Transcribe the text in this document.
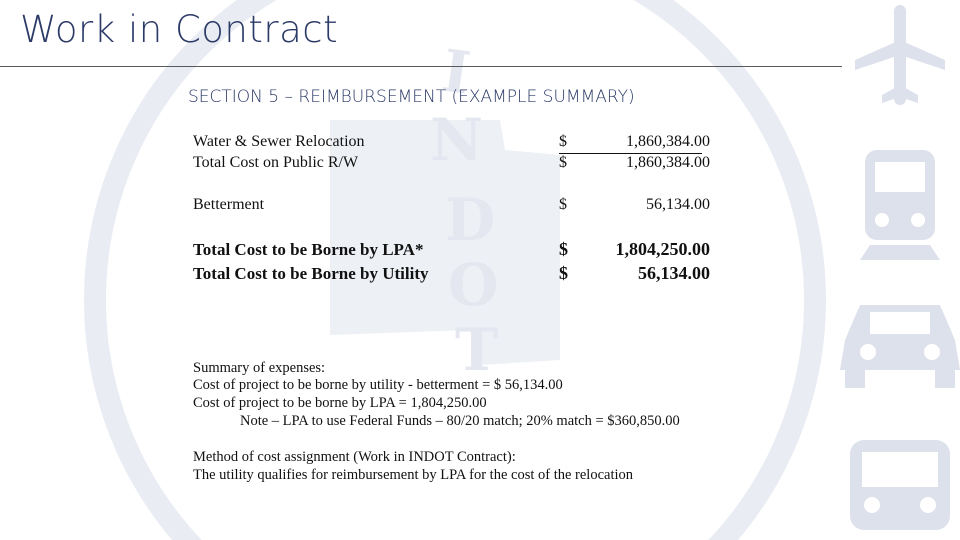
I
N
D
O
T
Work in Contract
SECTION 5 – REIMBURSEMENT (EXAMPLE SUMMARY)
Water & Sewer Relocation	$	1,860,384.00
Total Cost on Public R/W	$	1,860,384.00
Betterment	$	56,134.00
Total Cost to be Borne by LPA*	$	1,804,250.00
Total Cost to be Borne by Utility	$	56,134.00
Summary of expenses:
Cost of project to be borne by utility - betterment = $ 56,134.00
Cost of project to be borne by LPA = 1,804,250.00
Note – LPA to use Federal Funds – 80/20 match; 20% match = $360,850.00
Method of cost assignment (Work in INDOT Contract):
The utility qualifies for reimbursement by LPA for the cost of the relocation
